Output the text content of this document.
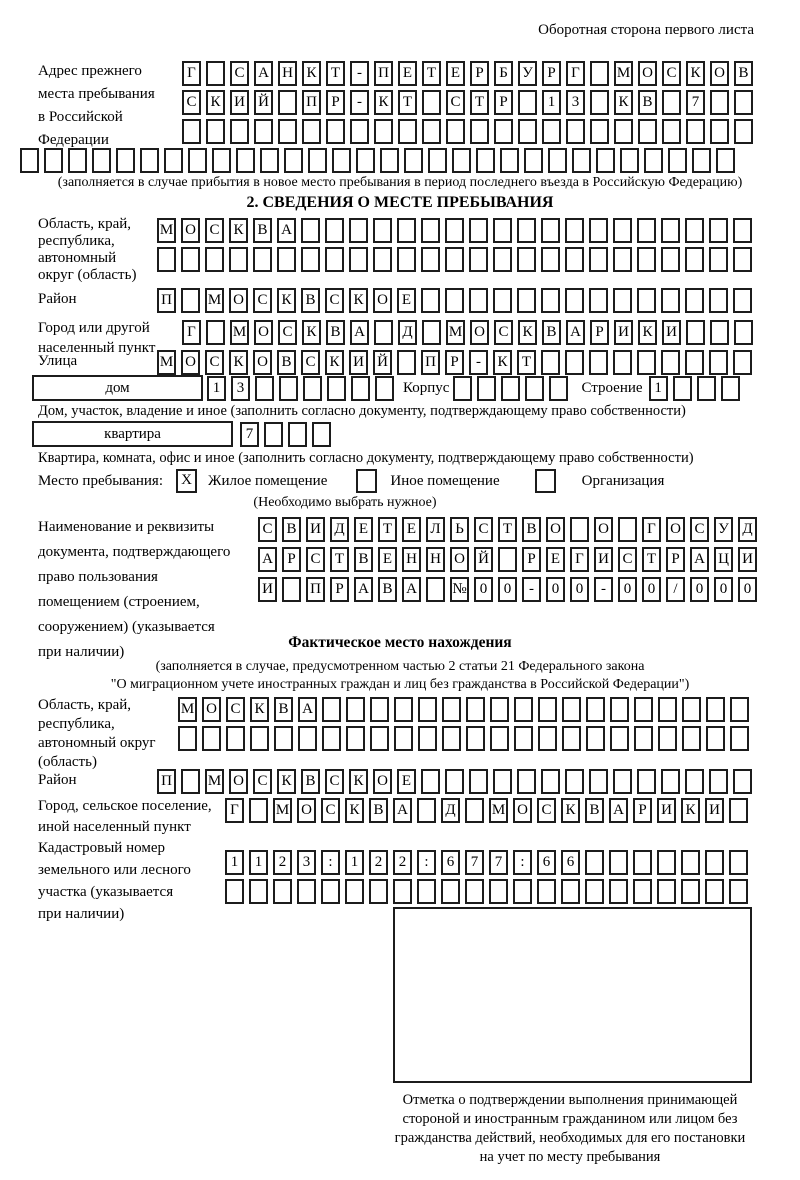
Оборотная сторона первого листа
Адрес прежнего
места пребывания
в Российской
Федерации
Г	С А Н К Т	-	П Е Т Е	Р	Б У Р	Г	М О С К О В
С К И Й П Р	-	К Т	С Т	Р	1	3	К В	7
(заполняется в случае прибытия в новое место пребывания в период последнего въезда в Российскую Федерацию)
2. СВЕДЕНИЯ О МЕСТЕ ПРЕБЫВАНИЯ
Область, край,
республика,
автономный
округ (область)
М О С К В А
Район	П М О С К В С К О Е
Город или другой
населенный пункт
Г	М О С К В А Д М О С К В А Р И К И
Улица	М О С К О В С К И Й П Р	-	К Т
дом	1	3	Корпус	Строение 1
Дом, участок, владение и иное (заполнить согласно документу, подтверждающему право собственности)
квартира	7
Квартира, комната, офис и иное (заполнить согласно документу, подтверждающему право собственности)
Место пребывания:	X	Жилое помещение	Иное помещение	Организация
(Необходимо выбрать нужное)
Наименование и реквизиты
документа, подтверждающего
право пользования
помещением (строением,
сооружением) (указывается
при наличии)
С В И Д Е Т Е Л Ь С Т В О О	Г О С У Д
А Р С Т В Е Н Н О Й	Р	Е	Г И С Т	Р А Ц И
И П Р А В А № 0	0	-	0	0	-	0	0	/	0	0	0
Фактическое место нахождения
(заполняется в случае, предусмотренном частью 2 статьи 21 Федерального закона
"О миграционном учете иностранных граждан и лиц без гражданства в Российской Федерации")
Область, край,
республика,
автономный округ
(область)
М О С К В А
Район	П М О С К В С К О Е
Город, сельское поселение,
иной населенный пункт
Г	М О С К В А Д М О С К В А Р И К И
Кадастровый номер
земельного или лесного
участка (указывается
при наличии)
1	1	2	3	:	1	2	2	:	6	7	7	:	6	6
Отметка о подтверждении выполнения принимающей
стороной и иностранным гражданином или лицом без
гражданства действий, необходимых для его постановки
на учет по месту пребывания
